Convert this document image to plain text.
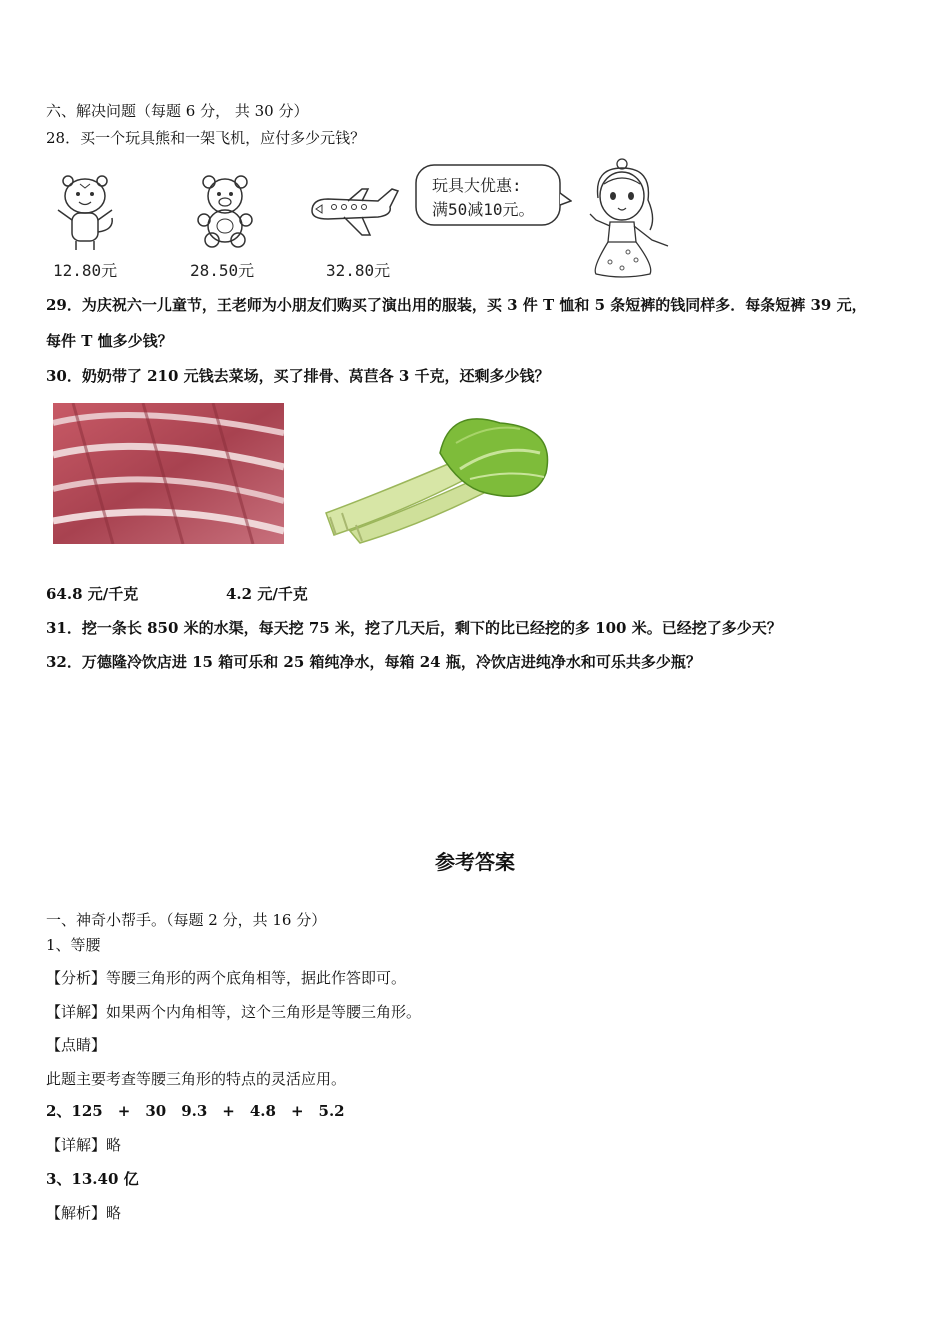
六、解决问题（每题 6 分， 共 30 分）
28．买一个玩具熊和一架飞机，应付多少元钱？
12.80元	28.50元	32.80元
玩具大优惠:
满50减10元。
29．为庆祝六一儿童节，王老师为小朋友们购买了演出用的服装，买 3 件 T 恤和 5 条短裤的钱同样多．每条短裤 39 元，
每件 T 恤多少钱？
30．奶奶带了 210 元钱去菜场，买了排骨、莴苣各 3 千克，还剩多少钱？
64.8 元/千克	4.2 元/千克
31．挖一条长 850 米的水渠，每天挖 75 米，挖了几天后，剩下的比已经挖的多 100 米。已经挖了多少天？
32．万德隆冷饮店进 15 箱可乐和 25 箱纯净水，每箱 24 瓶，冷饮店进纯净水和可乐共多少瓶？
参考答案
一、神奇小帮手。（每题 2 分，共 16 分）
1、等腰
【分析】等腰三角形的两个底角相等，据此作答即可。
【详解】如果两个内角相等，这个三角形是等腰三角形。
【点睛】
此题主要考查等腰三角形的特点的灵活应用。
2、125　+　30　9.3　+　4.8　+　5.2
【详解】略
3、13.40 亿
【解析】略
